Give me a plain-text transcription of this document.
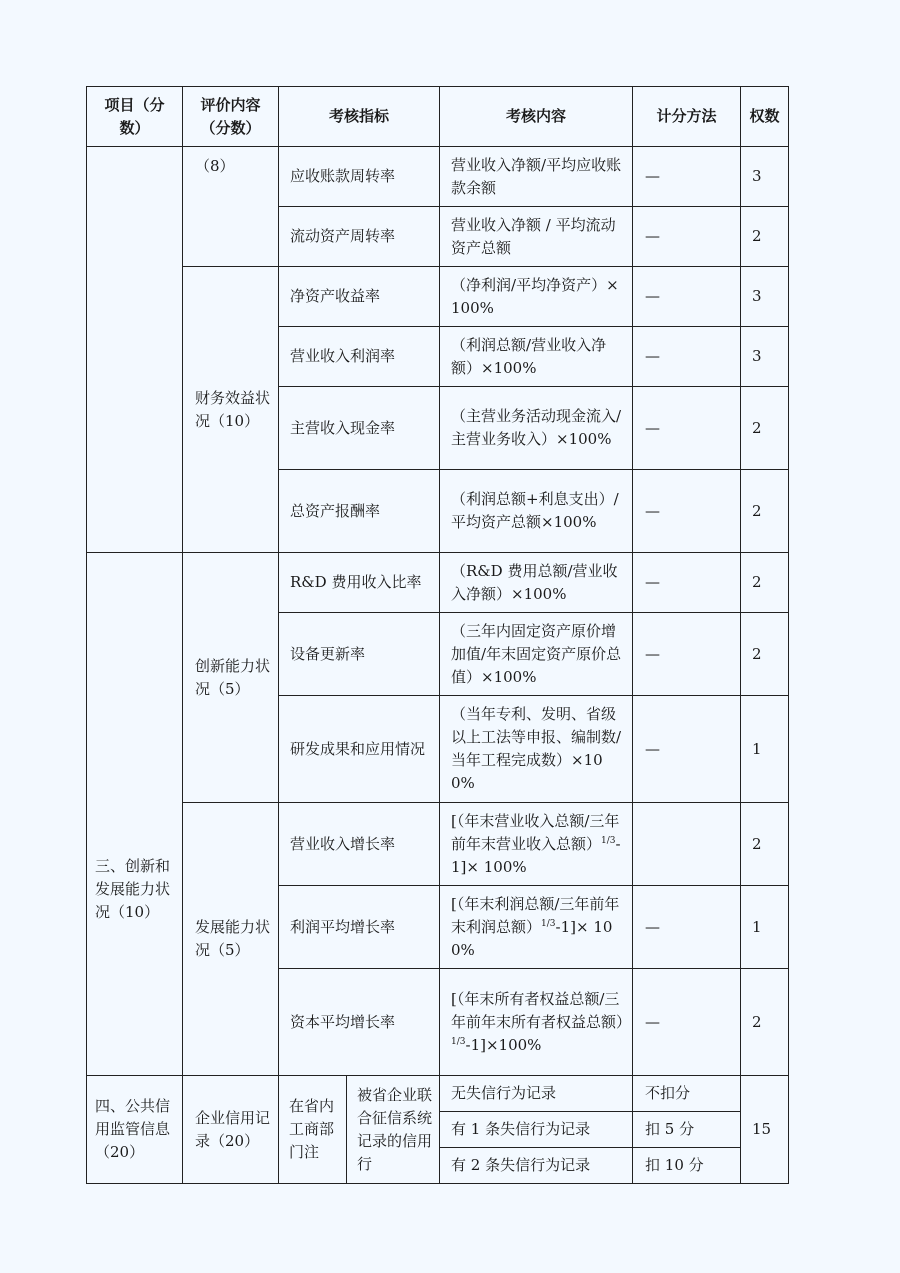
项目（分数）	评价内容（分数）	考核指标		考核内容	计分方法	权数
	（8）	应收账款周转率		营业收入净额/平均应收账款余额	—	3
		流动资产周转率		营业收入净额 / 平均流动资产总额	—	2
	财务效益状况（10）	净资产收益率		（净利润/平均净资产）×100%	—	3
		营业收入利润率		（利润总额/营业收入净额）×100%	—	3
		主营收入现金率		（主营业务活动现金流入/主营业务收入）×100%	—	2
		总资产报酬率		（利润总额+利息支出）/平均资产总额×100%	—	2
三、创新和发展能力状况（10）	创新能力状况（5）	R&D 费用收入比率		（R&D 费用总额/营业收入净额）×100%	—	2
		设备更新率		（三年内固定资产原价增加值/年末固定资产原价总值）×100%	—	2
		研发成果和应用情况		（当年专利、发明、省级以上工法等申报、编制数/当年工程完成数）×100%	—	1
	发展能力状况（5）	营业收入增长率		[（年末营业收入总额/三年前年末营业收入总额）$^{1/3}$-1]× 100%		2
		利润平均增长率		[（年末利润总额/三年前年末利润总额）$^{1/3}$-1]× 100%	—	1
		资本平均增长率		[（年末所有者权益总额/三年前年末所有者权益总额）$^{1/3}$-1]×100%	—	2
四、公共信用监管信息（20）	企业信用记录（20）	在省内工商部门注	被省企业联合征信系统记录的信用行	无失信行为记录	不扣分	15
				有 1 条失信行为记录	扣 5 分	
				有 2 条失信行为记录	扣 10 分	
